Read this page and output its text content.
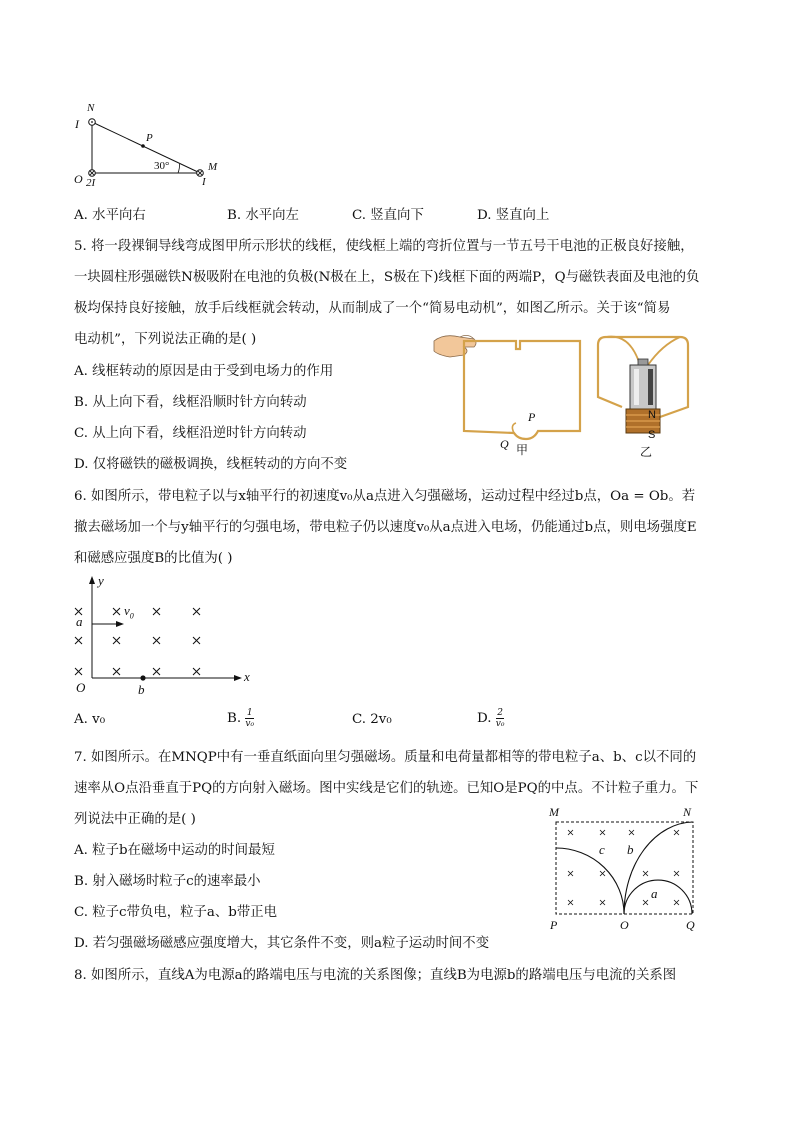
N
I
P
30°	M
O 2I	I
A. 水平向右	B. 水平向左	C. 竖直向下	D. 竖直向上
5. 将一段裸铜导线弯成图甲所示形状的线框，使线框上端的弯折位置与一节五号干电池的正极良好接触，
一块圆柱形强磁铁N极吸附在电池的负极(N极在上，S极在下)线框下面的两端P，Q与磁铁表面及电池的负
极均保持良好接触，放手后线框就会转动，从而制成了一个“简易电动机”，如图乙所示。关于该“简易
电动机”，下列说法正确的是( )
A. 线框转动的原因是由于受到电场力的作用
B. 从上向下看，线框沿顺时针方向转动
C. 从上向下看，线框沿逆时针方向转动
D. 仅将磁铁的磁极调换，线框转动的方向不变
P
Q 甲	乙
N
S
6. 如图所示，带电粒子以与x轴平行的初速度v₀从a点进入匀强磁场，运动过程中经过b点，Oa = Ob。若
撤去磁场加一个与y轴平行的匀强电场，带电粒子仍以速度v₀从a点进入电场，仍能通过b点，则电场强度E
和磁感应强度B的比值为( )
y
x
O
a
b
$v_0$
A. v₀	B. $\frac{1}{\text{v₀}}$	C. 2v₀	D. $\frac{2}{\text{v₀}}$
7. 如图所示。在MNQP中有一垂直纸面向里匀强磁场。质量和电荷量都相等的带电粒子a、b、c以不同的
速率从O点沿垂直于PQ的方向射入磁场。图中实线是它们的轨迹。已知O是PQ的中点。不计粒子重力。下
列说法中正确的是( )
A. 粒子b在磁场中运动的时间最短
B. 射入磁场时粒子c的速率最小
C. 粒子c带负电，粒子a、b带正电
D. 若匀强磁场磁感应强度增大，其它条件不变，则a粒子运动时间不变
M	N
P	O	Q
c b
a
8. 如图所示，直线A为电源a的路端电压与电流的关系图像；直线B为电源b的路端电压与电流的关系图
